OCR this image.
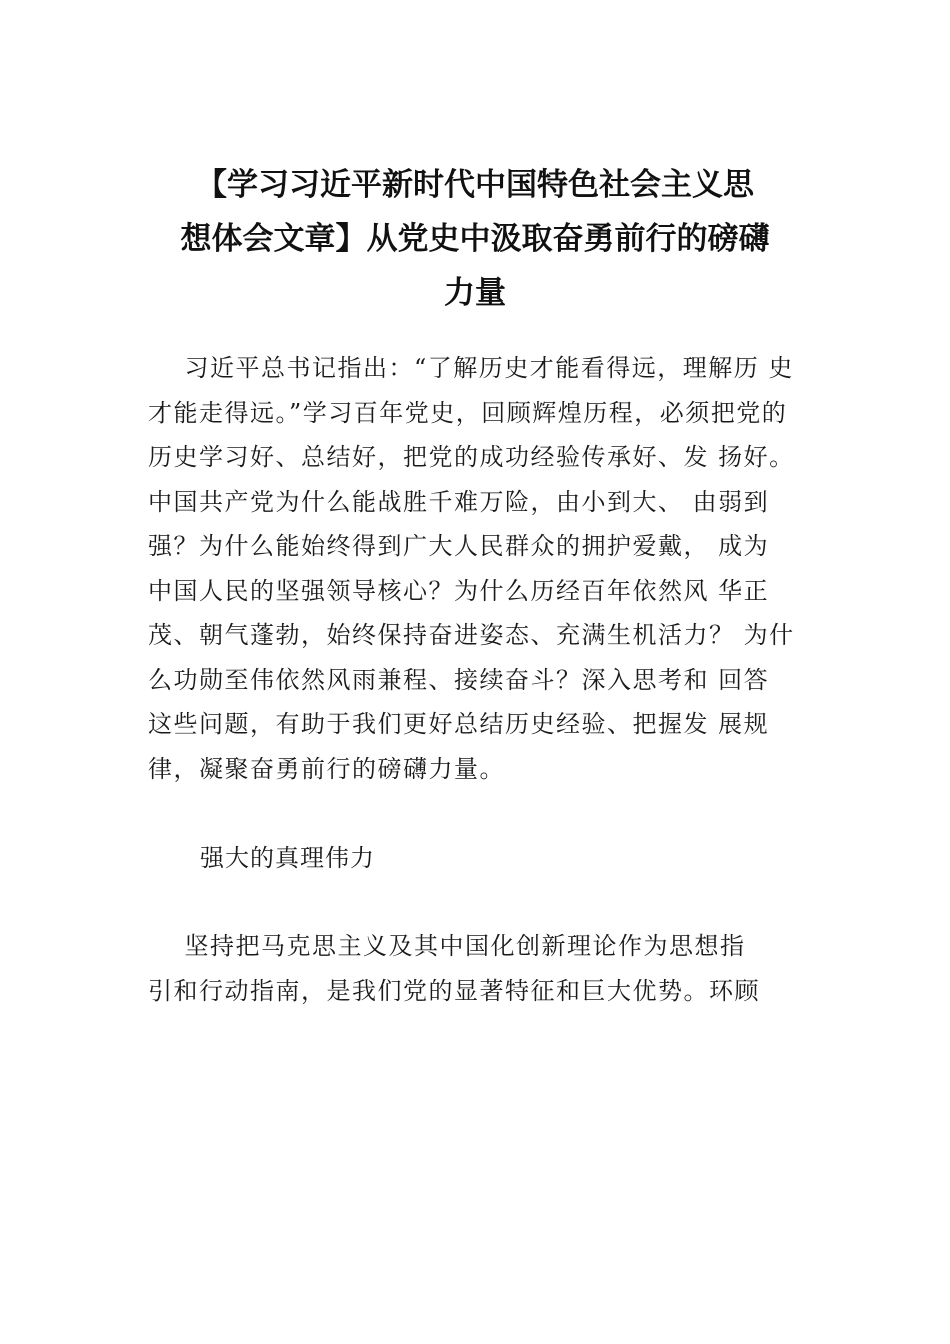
【学习习近平新时代中国特色社会主义思
想体会文章】从党史中汲取奋勇前行的磅礴
力量
习近平总书记指出：“了解历史才能看得远，理解历 史
才能走得远。”学习百年党史，回顾辉煌历程，必须把党的
历史学习好、总结好，把党的成功经验传承好、发 扬好。
中国共产党为什么能战胜千难万险，由小到大、 由弱到
强？为什么能始终得到广大人民群众的拥护爱戴， 成为
中国人民的坚强领导核心？为什么历经百年依然风 华正
茂、朝气蓬勃，始终保持奋进姿态、充满生机活力？ 为什
么功勋至伟依然风雨兼程、接续奋斗？深入思考和 回答
这些问题，有助于我们更好总结历史经验、把握发 展规
律，凝聚奋勇前行的磅礴力量。
强大的真理伟力
坚持把马克思主义及其中国化创新理论作为思想指
引和行动指南，是我们党的显著特征和巨大优势。环顾
